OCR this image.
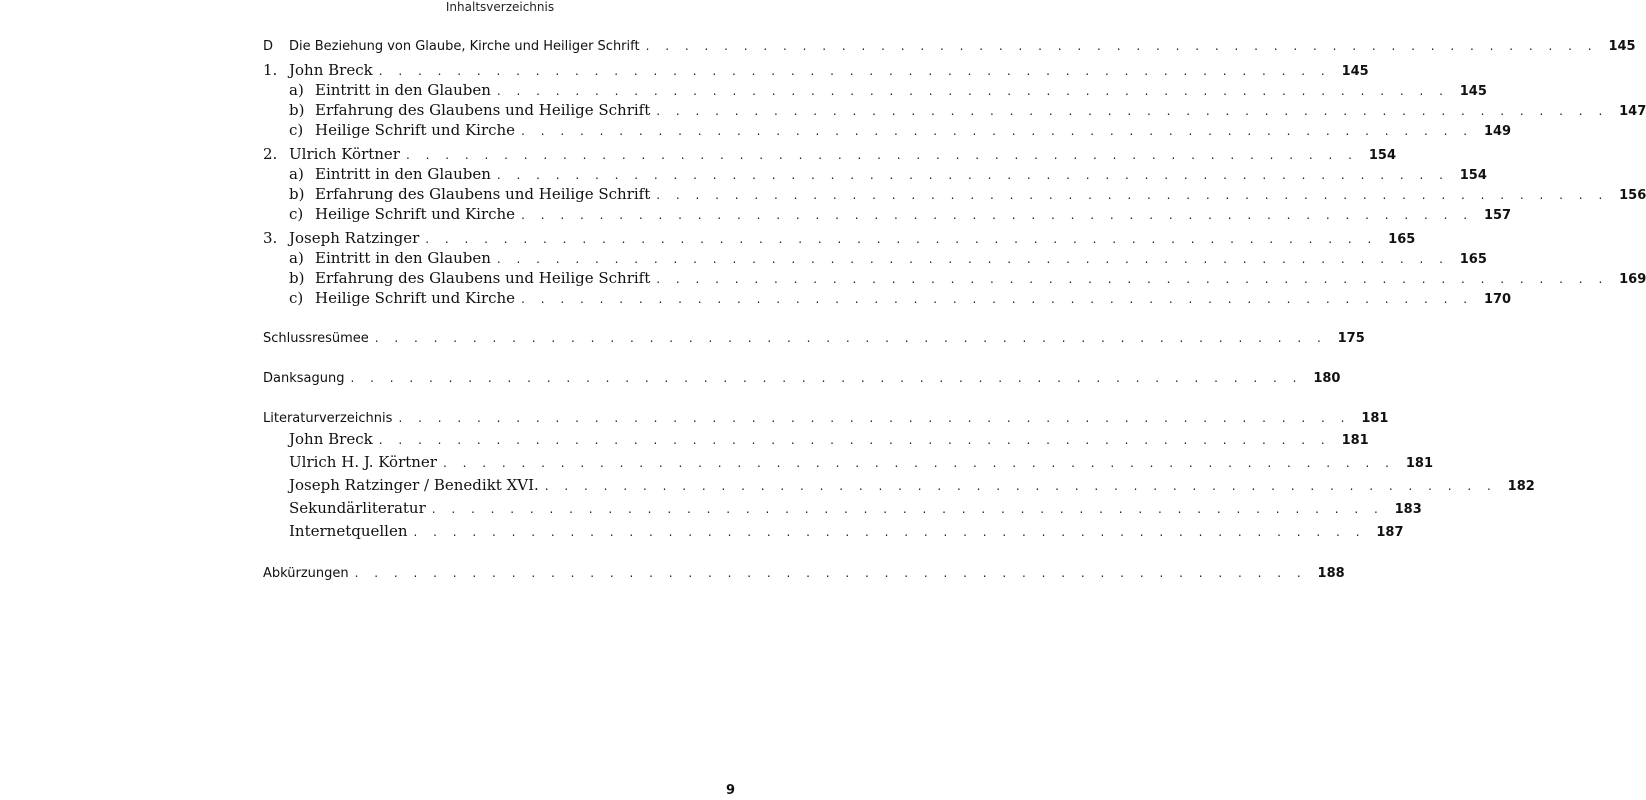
Inhaltsverzeichnis
D	Die Beziehung von Glaube, Kirche und Heiliger Schrift . . . . . . . . . . . . . . . . . . . . . . . . . . . . . . . . . . . . . . . . . . . . . . . . . 145
1. John Breck . . . . . . . . . . . . . . . . . . . . . . . . . . . . . . . . . . . . . . . . . . . . . . . . . 145
a) Eintritt in den Glauben . . . . . . . . . . . . . . . . . . . . . . . . . . . . . . . . . . . . . . . . . . . . . . . . . 145
b) Erfahrung des Glaubens und Heilige Schrift . . . . . . . . . . . . . . . . . . . . . . . . . . . . . . . . . . . . . . . . . . . . . . . . . 147
c) Heilige Schrift und Kirche . . . . . . . . . . . . . . . . . . . . . . . . . . . . . . . . . . . . . . . . . . . . . . . . . 149
2. Ulrich Körtner . . . . . . . . . . . . . . . . . . . . . . . . . . . . . . . . . . . . . . . . . . . . . . . . . 154
a) Eintritt in den Glauben . . . . . . . . . . . . . . . . . . . . . . . . . . . . . . . . . . . . . . . . . . . . . . . . . 154
b) Erfahrung des Glaubens und Heilige Schrift . . . . . . . . . . . . . . . . . . . . . . . . . . . . . . . . . . . . . . . . . . . . . . . . . 156
c) Heilige Schrift und Kirche . . . . . . . . . . . . . . . . . . . . . . . . . . . . . . . . . . . . . . . . . . . . . . . . . 157
3. Joseph Ratzinger . . . . . . . . . . . . . . . . . . . . . . . . . . . . . . . . . . . . . . . . . . . . . . . . . 165
a) Eintritt in den Glauben . . . . . . . . . . . . . . . . . . . . . . . . . . . . . . . . . . . . . . . . . . . . . . . . . 165
b) Erfahrung des Glaubens und Heilige Schrift . . . . . . . . . . . . . . . . . . . . . . . . . . . . . . . . . . . . . . . . . . . . . . . . . 169
c) Heilige Schrift und Kirche . . . . . . . . . . . . . . . . . . . . . . . . . . . . . . . . . . . . . . . . . . . . . . . . . 170
Schlussresümee . . . . . . . . . . . . . . . . . . . . . . . . . . . . . . . . . . . . . . . . . . . . . . . . . 175
Danksagung . . . . . . . . . . . . . . . . . . . . . . . . . . . . . . . . . . . . . . . . . . . . . . . . . 180
Literaturverzeichnis . . . . . . . . . . . . . . . . . . . . . . . . . . . . . . . . . . . . . . . . . . . . . . . . . 181
John Breck . . . . . . . . . . . . . . . . . . . . . . . . . . . . . . . . . . . . . . . . . . . . . . . . . 181
Ulrich H. J. Körtner . . . . . . . . . . . . . . . . . . . . . . . . . . . . . . . . . . . . . . . . . . . . . . . . . 181
Joseph Ratzinger / Benedikt XVI. . . . . . . . . . . . . . . . . . . . . . . . . . . . . . . . . . . . . . . . . . . . . . . . . . 182
Sekundärliteratur . . . . . . . . . . . . . . . . . . . . . . . . . . . . . . . . . . . . . . . . . . . . . . . . . 183
Internetquellen . . . . . . . . . . . . . . . . . . . . . . . . . . . . . . . . . . . . . . . . . . . . . . . . . 187
Abkürzungen . . . . . . . . . . . . . . . . . . . . . . . . . . . . . . . . . . . . . . . . . . . . . . . . . 188
9
